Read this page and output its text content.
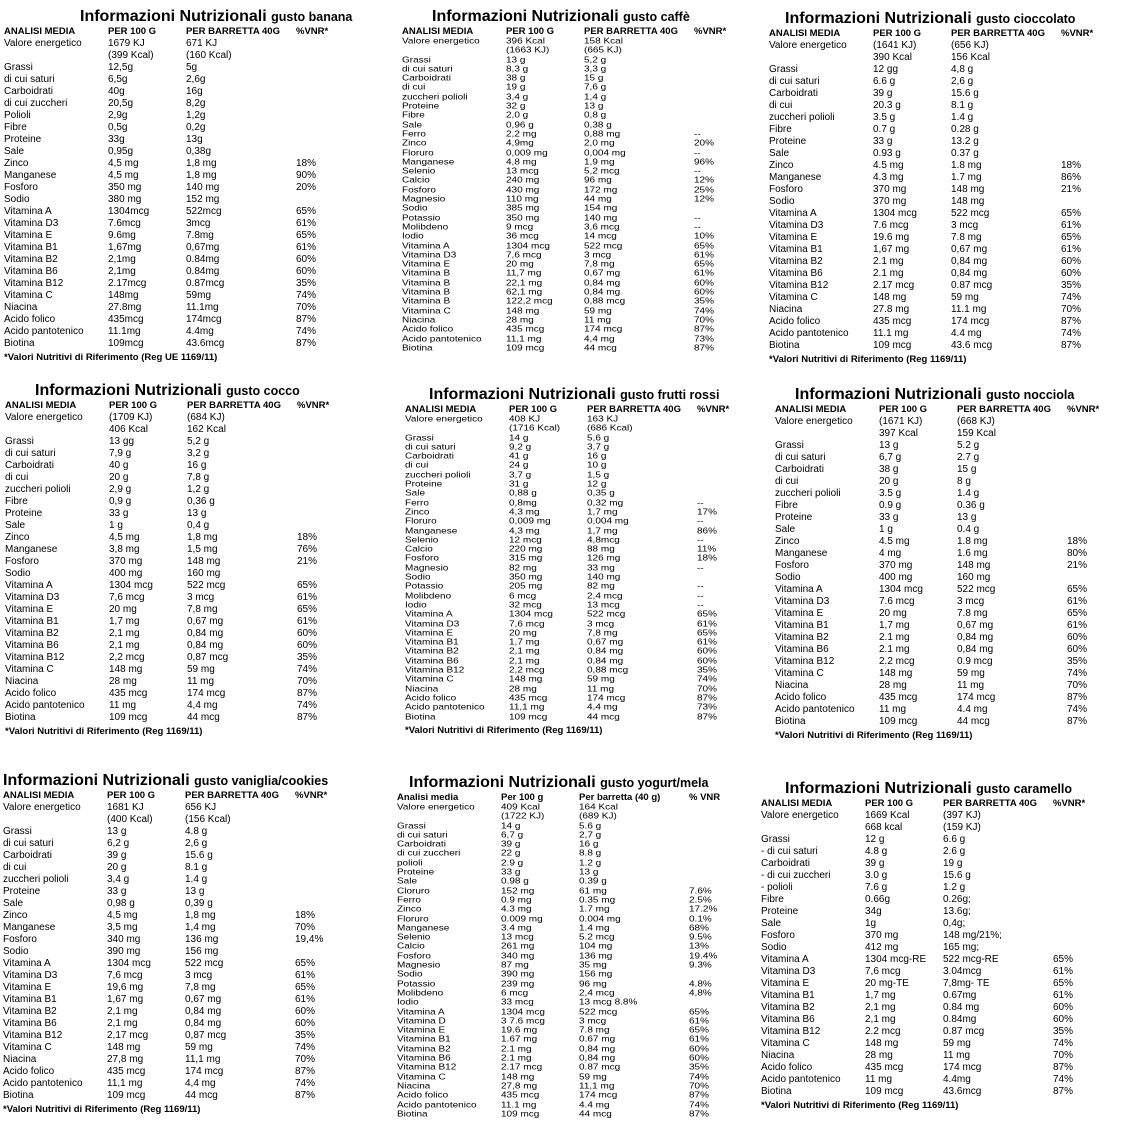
Informazioni Nutrizionali gusto banana
ANALISI MEDIA	PER 100 G	PER BARRETTA 40G	%VNR*
Valore energetico	1679 KJ	671 KJ
(399 Kcal)	(160 Kcal)
Grassi	12,5g	5g
di cui saturi	6,5g	2,6g
Carboidrati	40g	16g
di cui zuccheri	20,5g	8,2g
Polioli	2,9g	1,2g
Fibre	0,5g	0,2g
Proteine	33g	13g
Sale	0,95g	0,38g
Zinco	4,5 mg	1,8 mg	18%
Manganese	4,5 mg	1,8 mg	90%
Fosforo	350 mg	140 mg	20%
Sodio	380 mg	152 mg
Vitamina A	1304mcg	522mcg	65%
Vitamina D3	7.6mcg	3mcg	61%
Vitamina E	9.6mg	7.8mg	65%
Vitamina B1	1,67mg	0,67mg	61%
Vitamina B2	2,1mg	0.84mg	60%
Vitamina B6	2,1mg	0.84mg	60%
Vitamina B12	2.17mcg	0.87mcg	35%
Vitamina C	148mg	59mg	74%
Niacina	27.8mg	11.1mg	70%
Acido folico	435mcg	174mcg	87%
Acido pantotenico	11.1mg	4.4mg	74%
Biotina	109mcg	43.6mcg	87%
*Valori Nutritivi di Riferimento (Reg UE 1169/11)
Informazioni Nutrizionali gusto caffè
ANALISI MEDIA	PER 100 G	PER BARRETTA 40G	%VNR*
Valore energetico	396 Kcal	158 Kcal
(1663 KJ)	(665 KJ)
Grassi	13 g	5,2 g
di cui saturi	8,3 g	3,3 g
Carboidrati	38 g	15 g
di cui	19 g	7,6 g
zuccheri polioli	3,4 g	1,4 g
Proteine	32 g	13 g
Fibre	2,0 g	0,8 g
Sale	0,96 g	0,38 g
Ferro	2,2 mg	0,88 mg	--
Zinco	4,9mg	2,0 mg	20%
Floruro	0,009 mg	0,004 mg	--
Manganese	4,8 mg	1,9 mg	96%
Selenio	13 mcg	5,2 mcg	--
Calcio	240 mg	96 mg	12%
Fosforo	430 mg	172 mg	25%
Magnesio	110 mg	44 mg	12%
Sodio	385 mg	154 mg
Potassio	350 mg	140 mg	--
Molibdeno	9 mcg	3,6 mcg	--
Iodio	36 mcg	14 mcg	10%
Vitamina A	1304 mcg	522 mcg	65%
Vitamina D3	7,6 mcg	3 mcg	61%
Vitamina E	20 mg	7,8 mg	65%
Vitamina B	11,7 mg	0,67 mg	61%
Vitamina B	22,1 mg	0,84 mg	60%
Vitamina B	62,1 mg	0,84 mg	60%
Vitamina B	122,2 mcg	0,88 mcg	35%
Vitamina C	148 mg	59 mg	74%
Niacina	28 mg	11 mg	70%
Acido folico	435 mcg	174 mcg	87%
Acido pantotenico	11,1 mg	4,4 mg	73%
Biotina	109 mcg	44 mcg	87%
Informazioni Nutrizionali gusto cioccolato
ANALISI MEDIA	PER 100 G	PER BARRETTA 40G	%VNR*
Valore energetico	(1641 KJ)	(656 KJ)
390 Kcal	156 Kcal
Grassi	12 gg	4,8 g
di cui saturi	6.6 g	2,6 g
Carboidrati	39 g	15.6 g
di cui	20.3 g	8.1 g
zuccheri polioli	3.5 g	1.4 g
Fibre	0.7 g	0.28 g
Proteine	33 g	13.2 g
Sale	0.93 g	0.37 g
Zinco	4.5 mg	1.8 mg	18%
Manganese	4.3 mg	1.7 mg	86%
Fosforo	370 mg	148 mg	21%
Sodio	370 mg	148 mg
Vitamina A	1304 mcg	522 mcg	65%
Vitamina D3	7.6 mcg	3 mcg	61%
Vitamina E	19.6 mg	7.8 mg	65%
Vitamina B1	1,67 mg	0,67 mg	61%
Vitamina B2	2.1 mg	0,84 mg	60%
Vitamina B6	2.1 mg	0,84 mg	60%
Vitamina B12	2.17 mcg	0.87 mcg	35%
Vitamina C	148 mg	59 mg	74%
Niacina	27.8 mg	11.1 mg	70%
Acido folico	435 mcg	174 mcg	87%
Acido pantotenico	11.1 mg	4.4 mg	74%
Biotina	109 mcg	43.6 mcg	87%
*Valori Nutritivi di Riferimento (Reg 1169/11)
Informazioni Nutrizionali gusto cocco
ANALISI MEDIA	PER 100 G	PER BARRETTA 40G	%VNR*
Valore energetico	(1709 KJ)	(684 KJ)
406 Kcal	162 Kcal
Grassi	13 gg	5,2 g
di cui saturi	7,9 g	3,2 g
Carboidrati	40 g	16 g
di cui	20 g	7,8 g
zuccheri polioli	2,9 g	1,2 g
Fibre	0,9 g	0,36 g
Proteine	33 g	13 g
Sale	1 g	0,4 g
Zinco	4,5 mg	1,8 mg	18%
Manganese	3,8 mg	1,5 mg	76%
Fosforo	370 mg	148 mg	21%
Sodio	400 mg	160 mg
Vitamina A	1304 mcg	522 mcg	65%
Vitamina D3	7,6 mcg	3 mcg	61%
Vitamina E	20 mg	7,8 mg	65%
Vitamina B1	1,7 mg	0,67 mg	61%
Vitamina B2	2,1 mg	0,84 mg	60%
Vitamina B6	2,1 mg	0,84 mg	60%
Vitamina B12	2,2 mcg	0,87 mcg	35%
Vitamina C	148 mg	59 mg	74%
Niacina	28 mg	11 mg	70%
Acido folico	435 mcg	174 mcg	87%
Acido pantotenico	11 mg	4,4 mg	74%
Biotina	109 mcg	44 mcg	87%
*Valori Nutritivi di Riferimento (Reg 1169/11)
Informazioni Nutrizionali gusto frutti rossi
ANALISI MEDIA	PER 100 G	PER BARRETTA 40G	%VNR*
Valore energetico	408 KJ	163 KJ
(1716 Kcal)	(686 Kcal)
Grassi	14 g	5,6 g
di cui saturi	9,2 g	3,7 g
Carboidrati	41 g	16 g
di cui	24 g	10 g
zuccheri polioli	3,7 g	1,5 g
Proteine	31 g	12 g
Sale	0,88 g	0,35 g
Ferro	0,8mg	0,32 mg	--
Zinco	4,3 mg	1,7 mg	17%
Floruro	0,009 mg	0,004 mg	--
Manganese	4,3 mg	1,7 mg	86%
Selenio	12 mcg	4,8mcg	--
Calcio	220 mg	88 mg	11%
Fosforo	315 mg	126 mg	18%
Magnesio	82 mg	33 mg	--
Sodio	350 mg	140 mg
Potassio	205 mg	82 mg	--
Molibdeno	6 mcg	2,4 mcg	--
Iodio	32 mcg	13 mcg	--
Vitamina A	1304 mcg	522 mcg	65%
Vitamina D3	7,6 mcg	3 mcg	61%
Vitamina E	20 mg	7,8 mg	65%
Vitamina B1	1,7 mg	0,67 mg	61%
Vitamina B2	2,1 mg	0,84 mg	60%
Vitamina B6	2,1 mg	0,84 mg	60%
Vitamina B12	2,2 mcg	0,88 mcg	35%
Vitamina C	148 mg	59 mg	74%
Niacina	28 mg	11 mg	70%
Acido folico	435 mcg	174 mcg	87%
Acido pantotenico	11,1 mg	4,4 mg	73%
Biotina	109 mcg	44 mcg	87%
*Valori Nutritivi di Riferimento (Reg 1169/11)
Informazioni Nutrizionali gusto nocciola
ANALISI MEDIA	PER 100 G	PER BARRETTA 40G	%VNR*
Valore energetico	(1671 KJ)	(668 KJ)
397 Kcal	159 Kcal
Grassi	13 g	5.2 g
di cui saturi	6,7 g	2.7 g
Carboidrati	38 g	15 g
di cui	20 g	8 g
zuccheri polioli	3.5 g	1.4 g
Fibre	0.9 g	0.36 g
Proteine	33 g	13 g
Sale	1 g	0.4 g
Zinco	4.5 mg	1.8 mg	18%
Manganese	4 mg	1.6 mg	80%
Fosforo	370 mg	148 mg	21%
Sodio	400 mg	160 mg
Vitamina A	1304 mcg	522 mcg	65%
Vitamina D3	7.6 mcg	3 mcg	61%
Vitamina E	20 mg	7.8 mg	65%
Vitamina B1	1,7 mg	0,67 mg	61%
Vitamina B2	2.1 mg	0,84 mg	60%
Vitamina B6	2.1 mg	0,84 mg	60%
Vitamina B12	2.2 mcg	0.9 mcg	35%
Vitamina C	148 mg	59 mg	74%
Niacina	28 mg	11 mg	70%
Acido folico	435 mcg	174 mcg	87%
Acido pantotenico	11 mg	4.4 mg	74%
Biotina	109 mcg	44 mcg	87%
*Valori Nutritivi di Riferimento (Reg 1169/11)
Informazioni Nutrizionali gusto vaniglia/cookies
ANALISI MEDIA	PER 100 G	PER BARRETTA 40G	%VNR*
Valore energetico	1681 KJ	656 KJ
(400 Kcal)	(156 Kcal)
Grassi	13 g	4.8 g
di cui saturi	6,2 g	2,6 g
Carboidrati	39 g	15.6 g
di cui	20 g	8.1 g
zuccheri polioli	3,4 g	1.4 g
Proteine	33 g	13 g
Sale	0,98 g	0,39 g
Zinco	4,5 mg	1,8 mg	18%
Manganese	3,5 mg	1,4 mg	70%
Fosforo	340 mg	136 mg	19,4%
Sodio	390 mg	156 mg
Vitamina A	1304 mcg	522 mcg	65%
Vitamina D3	7,6 mcg	3 mcg	61%
Vitamina E	19,6 mg	7,8 mg	65%
Vitamina B1	1,67 mg	0,67 mg	61%
Vitamina B2	2,1 mg	0,84 mg	60%
Vitamina B6	2,1 mg	0,84 mg	60%
Vitamina B12	2,17 mcg	0,87 mcg	35%
Vitamina C	148 mg	59 mg	74%
Niacina	27,8 mg	11,1 mg	70%
Acido folico	435 mcg	174 mcg	87%
Acido pantotenico	11,1 mg	4,4 mg	74%
Biotina	109 mcg	44 mcg	87%
*Valori Nutritivi di Riferimento (Reg 1169/11)
Informazioni Nutrizionali gusto yogurt/mela
Analisi media	Per 100 g	Per barretta (40 g)	% VNR
Valore energetico	409 Kcal	164 Kcal
(1722 KJ)	(689 KJ)
Grassi	14 g	5.6 g
di cui saturi	6,7 g	2,7 g
Carboidrati	39 g	16 g
di cui zuccheri	22 g	8.8 g
polioli	2.9 g	1.2 g
Proteine	33 g	13 g
Sale	0.98 g	0.39 g
Cloruro	152 mg	61 mg	7.6%
Ferro	0.9 mg	0.35 mg	2.5%
Zinco	4.3 mg	1.7 mg	17.2%
Floruro	0.009 mg	0.004 mg	0.1%
Manganese	3.4 mg	1.4 mg	68%
Selenio	13 mcg	5.2 mcg	9.5%
Calcio	261 mg	104 mg	13%
Fosforo	340 mg	136 mg	19.4%
Magnesio	87 mg	35 mg	9.3%
Sodio	390 mg	156 mg
Potassio	239 mg	96 mg	4.8%
Molibdeno	6 mcg	2,4 mcg	4,8%
Iodio	33 mcg	13 mcg 8.8%
Vitamina A	1304 mcg	522 mcg	65%
Vitamina D	3 7.6 mcg	3 mcg	61%
Vitamina E	19.6 mg	7.8 mg	65%
Vitamina B1	1.67 mg	0.67 mg	61%
Vitamina B2	2.1 mg	0,84 mg	60%
Vitamina B6	2.1 mg	0,84 mg	60%
Vitamina B12	2.17 mcg	0.87 mcg	35%
Vitamina C	148 mg	59 mg	74%
Niacina	27,8 mg	11,1 mg	70%
Acido folico	435 mcg	174 mcg	87%
Acido pantotenico	11.1 mg	4.4 mg	74%
Biotina	109 mcg	44 mcg	87%
Informazioni Nutrizionali gusto caramello
ANALISI MEDIA	PER 100 G	PER BARRETTA 40G	%VNR*
Valore energetico	1669 Kcal	(397 KJ)
668 kcal	(159 KJ)
Grassi	12 g	6.6 g
- di cui saturi	4.8 g	2.6 g
Carboidrati	39 g	19 g
- di cui zuccheri	3.0 g	15.6 g
- polioli	7.6 g	1.2 g
Fibre	0.66g	0.26g;
Proteine	34g	13.6g;
Sale	1g	0,4g;
Fosforo	370 mg	148 mg/21%;
Sodio	412 mg	165 mg;
Vitamina A	1304 mcg-RE	522 mcg-RE	65%
Vitamina D3	7,6 mcg	3.04mcg	61%
Vitamina E	20 mg-TE	7,8mg- TE	65%
Vitamina B1	1,7 mg	0.67mg	61%
Vitamina B2	2,1 mg	0.84 mg	60%
Vitamina B6	2,1 mg	0.84mg	60%
Vitamina B12	2.2 mcg	0.87 mcg	35%
Vitamina C	148 mg	59 mg	74%
Niacina	28 mg	11 mg	70%
Acido folico	435 mcg	174 mcg	87%
Acido pantotenico	11 mg	4.4mg	74%
Biotina	109 mcg	43.6mcg	87%
*Valori Nutritivi di Riferimento (Reg 1169/11)
